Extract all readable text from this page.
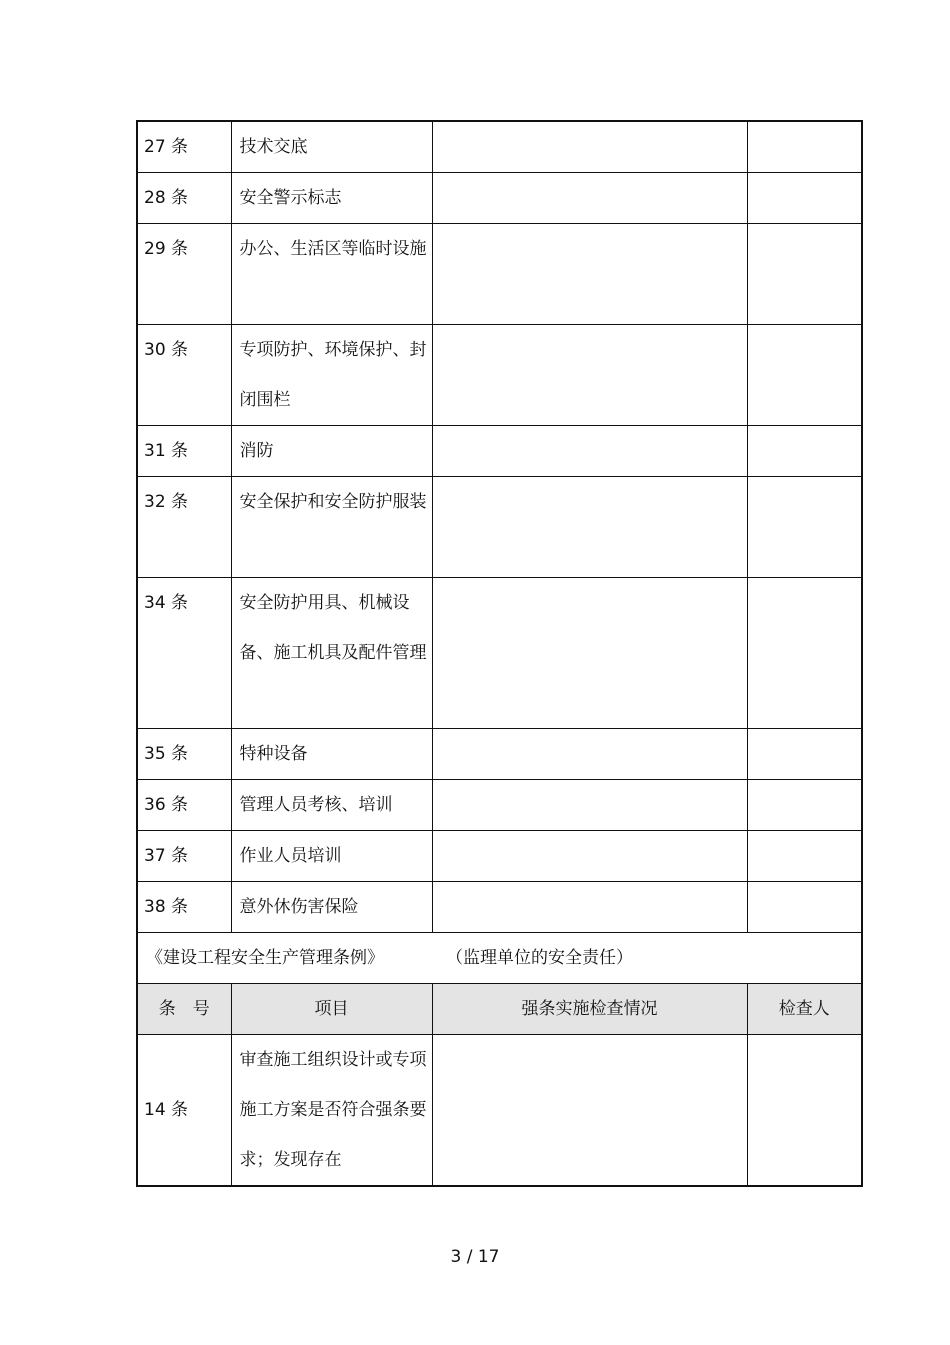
27 条	技术交底		
28 条	安全警示标志		
29 条	办公、生活区等临时设施		
30 条	专项防护、环境保护、封闭围栏		
31 条	消防		
32 条	安全保护和安全防护服装		
34 条	安全防护用具、机械设备、施工机具及配件管理		
35 条	特种设备		
36 条	管理人员考核、培训		
37 条	作业人员培训		
38 条	意外休伤害保险		
《建设工程安全生产管理条例》 （监理单位的安全责任）			
条　号	项目	强条实施检查情况	检查人
14 条	审查施工组织设计或专项施工方案是否符合强条要求；发现存在		
3 / 17
